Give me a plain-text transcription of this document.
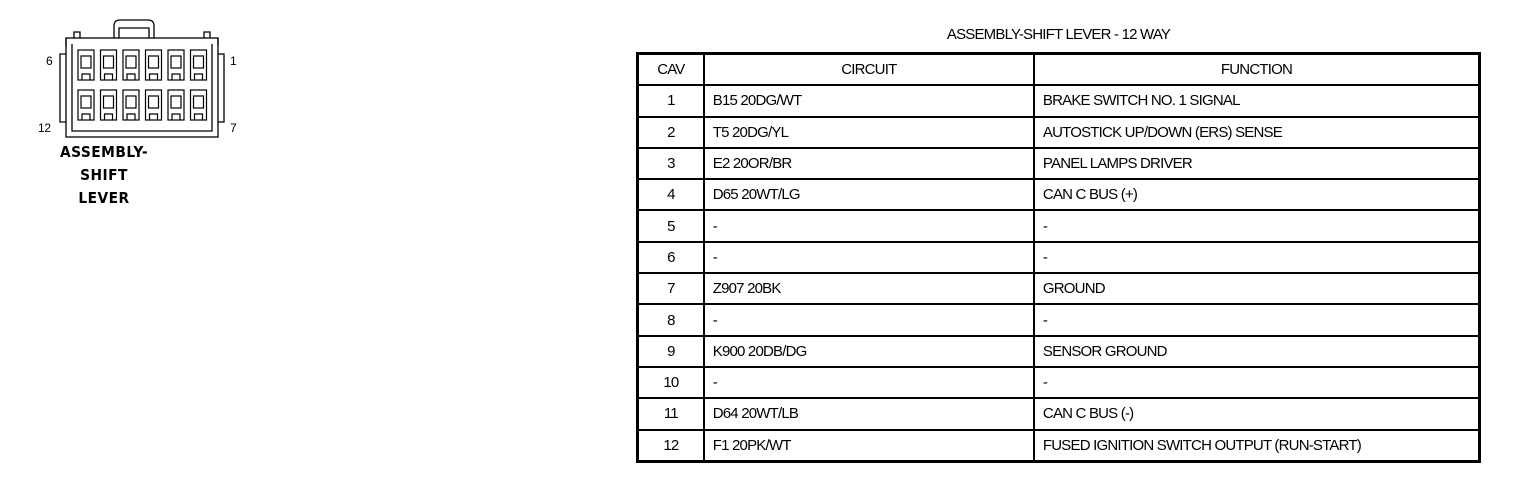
6	1
12	7
ASSEMBLY-
SHIFT
LEVER
ASSEMBLY-SHIFT LEVER - 12 WAY
CAV	CIRCUIT	FUNCTION
1	B15 20DG/WT	BRAKE SWITCH NO. 1 SIGNAL
2	T5 20DG/YL	AUTOSTICK UP/DOWN (ERS) SENSE
3	E2 20OR/BR	PANEL LAMPS DRIVER
4	D65 20WT/LG	CAN C BUS (+)
5	-	-
6	-	-
7	Z907 20BK	GROUND
8	-	-
9	K900 20DB/DG	SENSOR GROUND
10	-	-
11	D64 20WT/LB	CAN C BUS (-)
12	F1 20PK/WT	FUSED IGNITION SWITCH OUTPUT (RUN-START)
